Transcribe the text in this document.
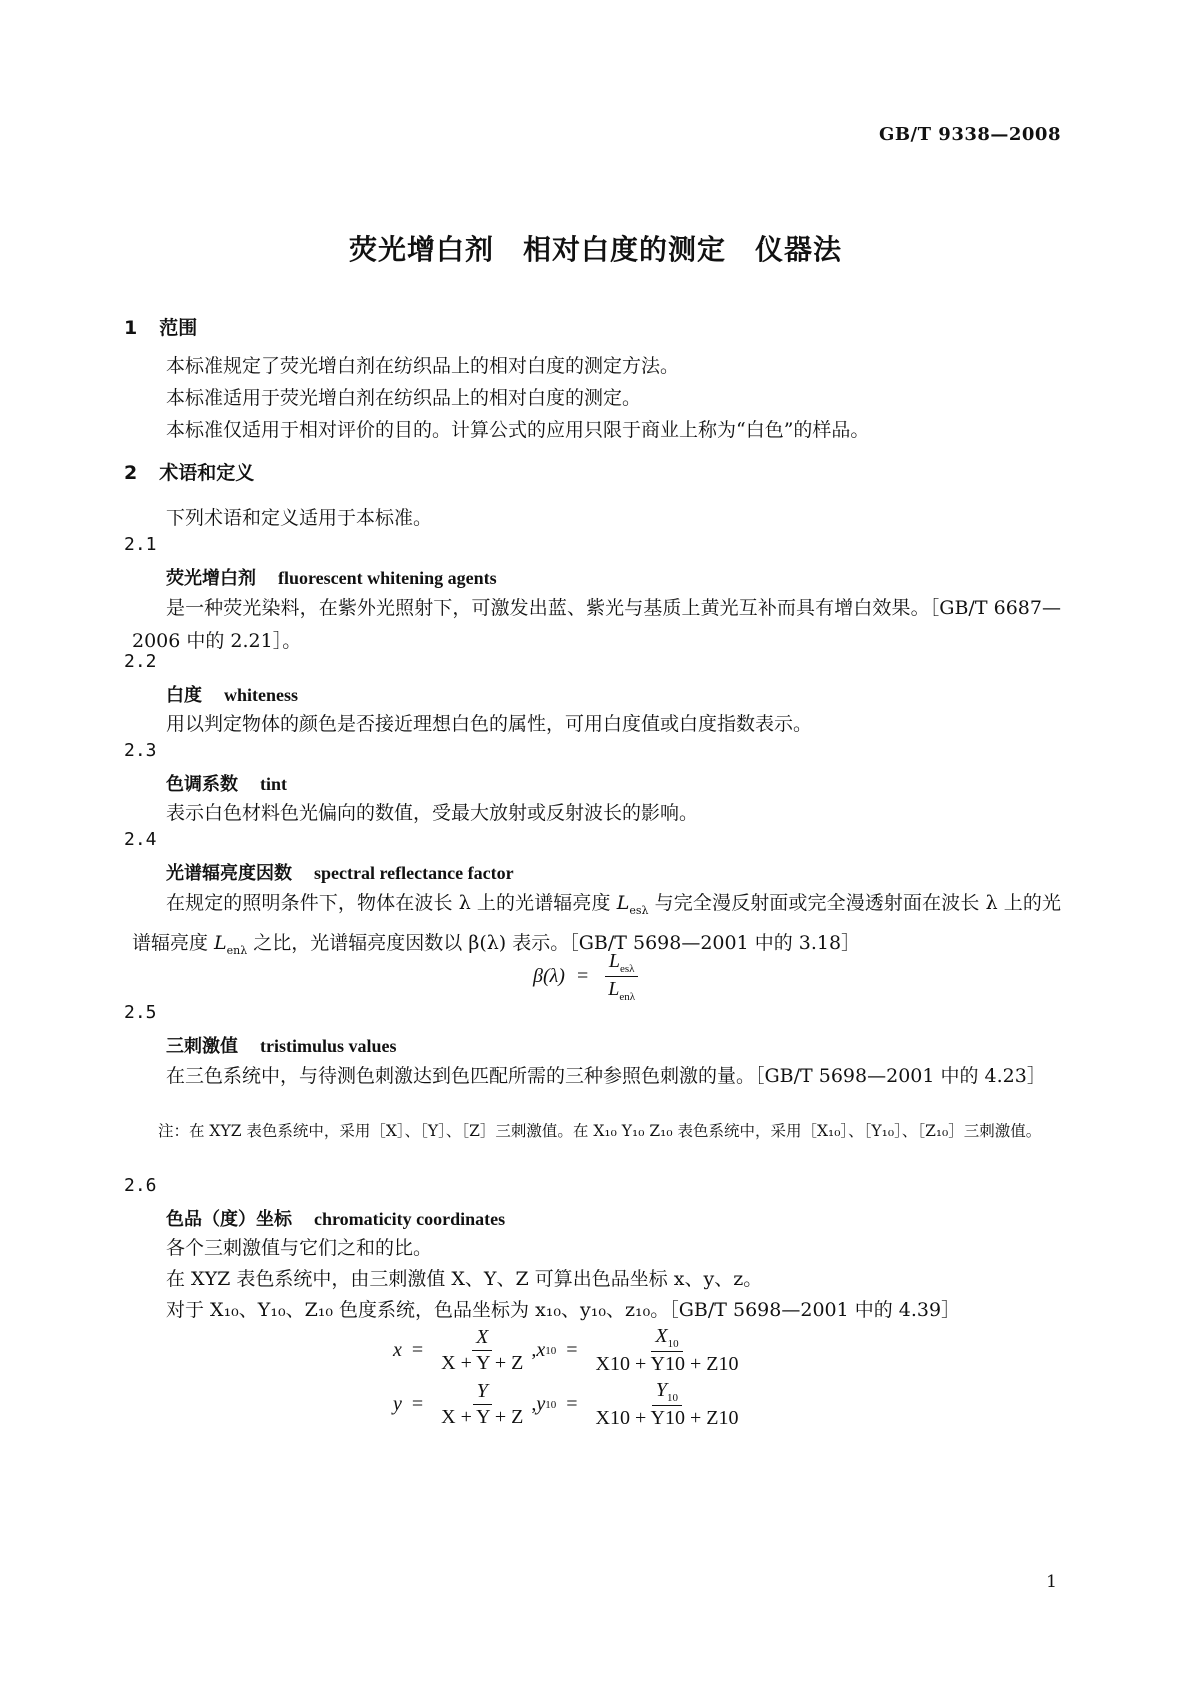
GB/T 9338—2008
荧光增白剂　相对白度的测定　仪器法
1 范围
本标准规定了荧光增白剂在纺织品上的相对白度的测定方法。
本标准适用于荧光增白剂在纺织品上的相对白度的测定。
本标准仅适用于相对评价的目的。计算公式的应用只限于商业上称为“白色”的样品。
2 术语和定义
下列术语和定义适用于本标准。
2.1
荧光增白剂 fluorescent whitening agents
是一种荧光染料，在紫外光照射下，可激发出蓝、紫光与基质上黄光互补而具有增白效果。［GB/T 6687—2006 中的 2.21］。
2.2
白度 whiteness
用以判定物体的颜色是否接近理想白色的属性，可用白度值或白度指数表示。
2.3
色调系数 tint
表示白色材料色光偏向的数值，受最大放射或反射波长的影响。
2.4
光谱辐亮度因数 spectral reflectance factor
在规定的照明条件下，物体在波长 λ 上的光谱辐亮度 $L_{es\lambda}$ 与完全漫反射面或完全漫透射面在波长 λ 上的光谱辐亮度 $L_{en\lambda}$ 之比，光谱辐亮度因数以 β(λ) 表示。［GB/T 5698—2001 中的 3.18］
$\beta(\lambda) = \frac{L_{es\lambda}}{L_{en\lambda}}$
2.5
三刺激值 tristimulus values
在三色系统中，与待测色刺激达到色匹配所需的三种参照色刺激的量。［GB/T 5698—2001 中的 4.23］
注：在 XYZ 表色系统中，采用［X］、［Y］、［Z］三刺激值。在 X₁₀ Y₁₀ Z₁₀ 表色系统中，采用［X₁₀］、［Y₁₀］、［Z₁₀］三刺激值。
2.6
色品（度）坐标 chromaticity coordinates
各个三刺激值与它们之和的比。
在 XYZ 表色系统中，由三刺激值 X、Y、Z 可算出色品坐标 x、y、z。
对于 X₁₀、Y₁₀、Z₁₀ 色度系统，色品坐标为 x₁₀、y₁₀、z₁₀。［GB/T 5698—2001 中的 4.39］
$x = \frac{X}{X + Y + Z}$ , x $10 = \frac{X_{10}}{X10 + Y10 + Z10}$
$y = \frac{Y}{X + Y + Z}$ , y $10 = \frac{Y_{10}}{X10 + Y10 + Z10}$
1
